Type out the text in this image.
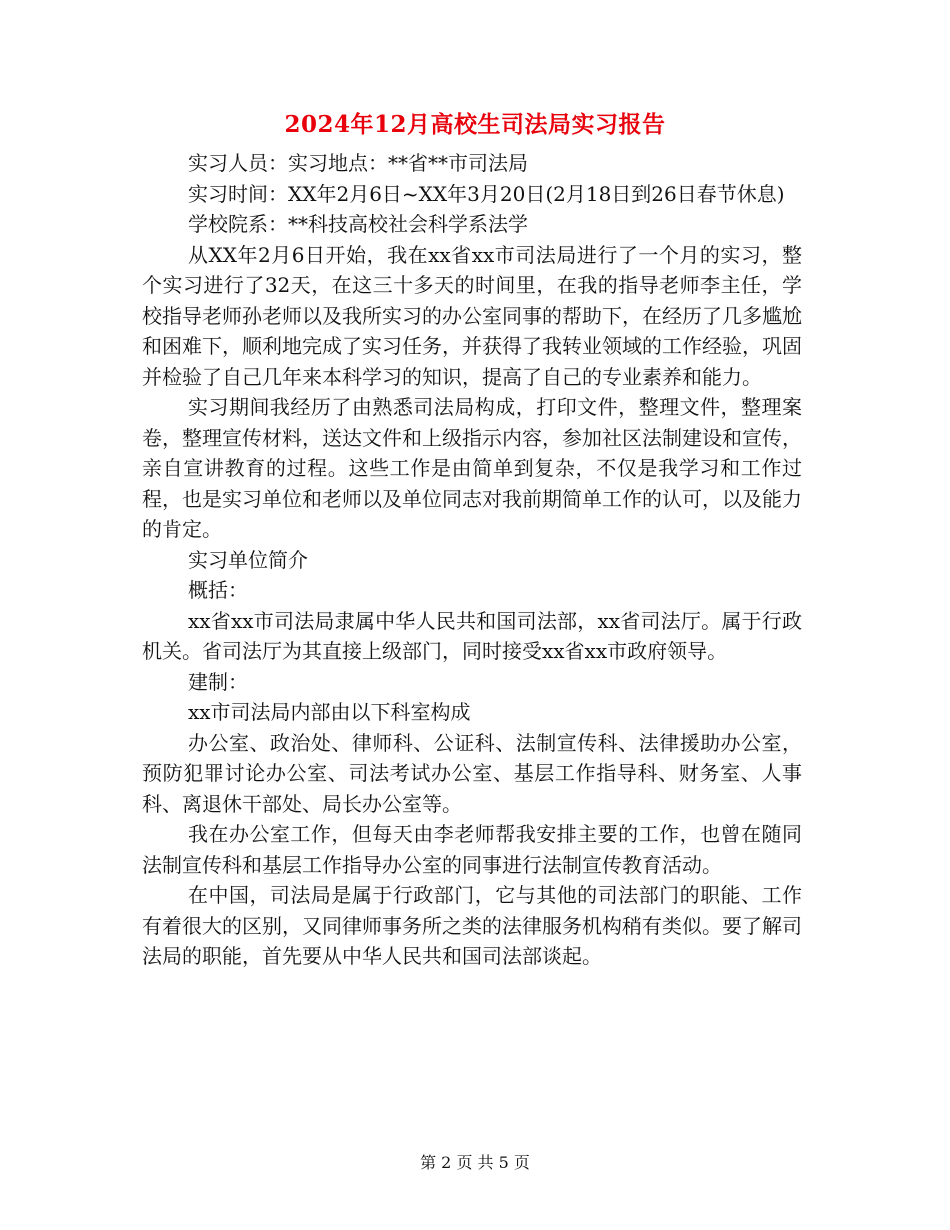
2024年12月高校生司法局实习报告

实习人员：实习地点：**省**市司法局

实习时间：XX年2月6日~XX年3月20日(2月18日到26日春节休息)

学校院系：**科技高校社会科学系法学

从XX年2月6日开始，我在xx省xx市司法局进行了一个月的实习，整个实习进行了32天，在这三十多天的时间里，在我的指导老师李主任，学校指导老师孙老师以及我所实习的办公室同事的帮助下，在经历了几多尴尬和困难下，顺利地完成了实习任务，并获得了我转业领域的工作经验，巩固并检验了自己几年来本科学习的知识，提高了自己的专业素养和能力。

实习期间我经历了由熟悉司法局构成，打印文件，整理文件，整理案卷，整理宣传材料，送达文件和上级指示内容，参加社区法制建设和宣传，亲自宣讲教育的过程。这些工作是由简单到复杂，不仅是我学习和工作过程，也是实习单位和老师以及单位同志对我前期简单工作的认可，以及能力的肯定。

实习单位简介

概括：

xx省xx市司法局隶属中华人民共和国司法部，xx省司法厅。属于行政机关。省司法厅为其直接上级部门，同时接受xx省xx市政府领导。

建制：

xx市司法局内部由以下科室构成

办公室、政治处、律师科、公证科、法制宣传科、法律援助办公室，预防犯罪讨论办公室、司法考试办公室、基层工作指导科、财务室、人事科、离退休干部处、局长办公室等。

我在办公室工作，但每天由李老师帮我安排主要的工作，也曾在随同法制宣传科和基层工作指导办公室的同事进行法制宣传教育活动。

在中国，司法局是属于行政部门，它与其他的司法部门的职能、工作有着很大的区别，又同律师事务所之类的法律服务机构稍有类似。要了解司法局的职能，首先要从中华人民共和国司法部谈起。

第 2 页 共 5 页
